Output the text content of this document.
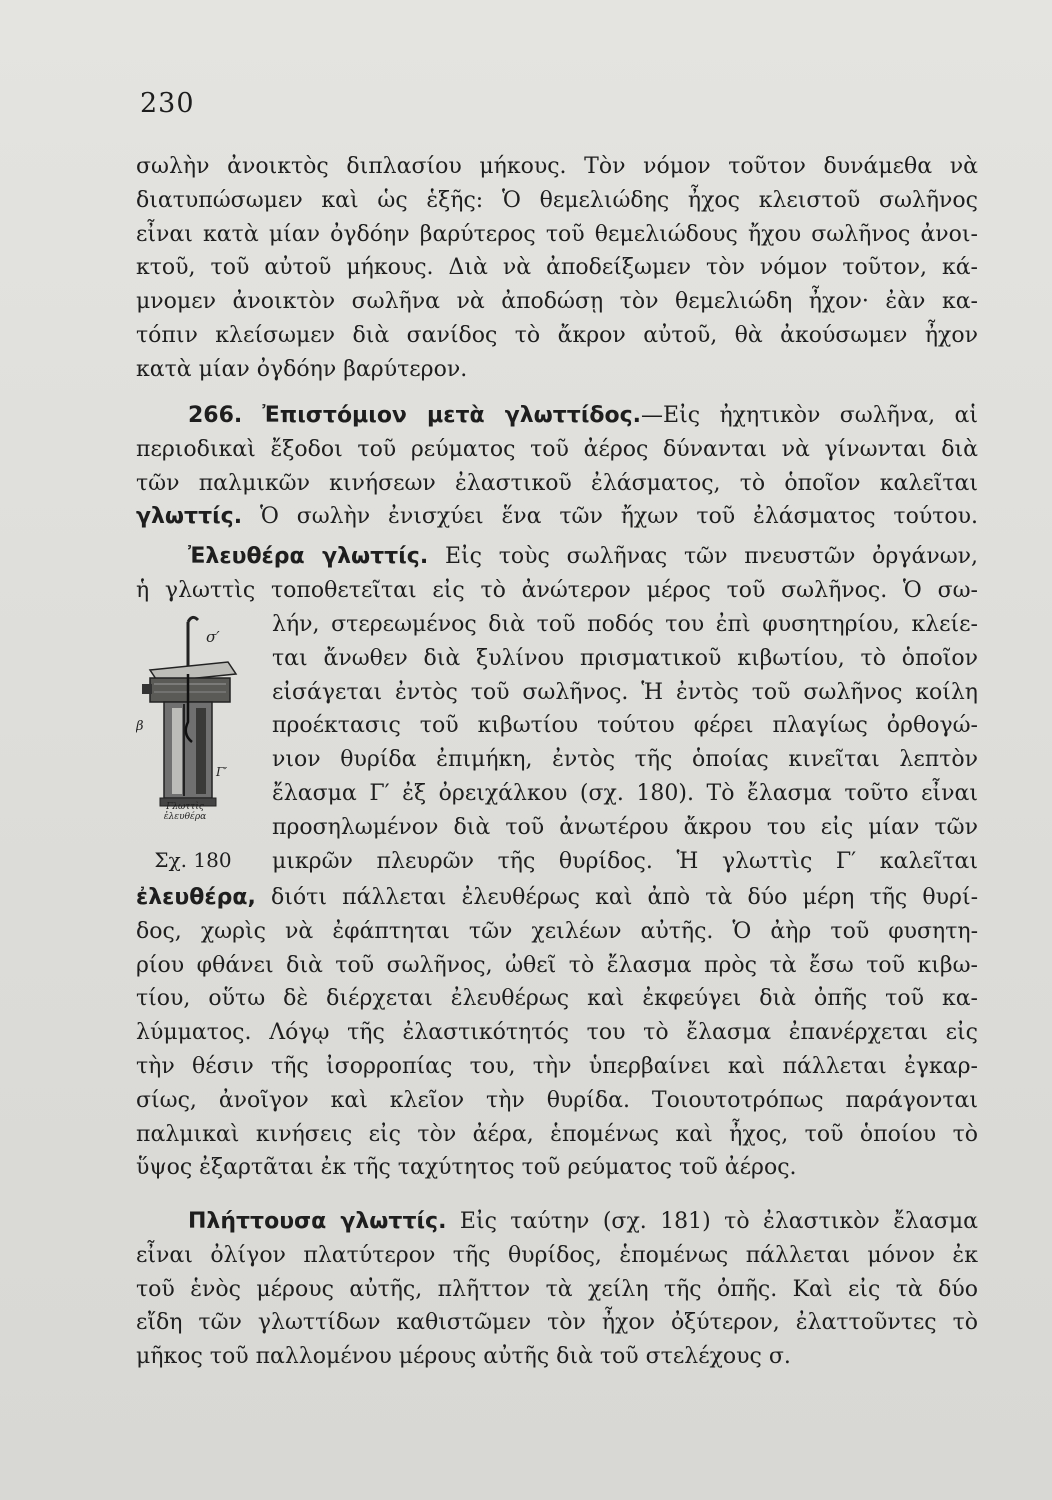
230
σωλὴν ἀνοικτὸς διπλασίου μήκους. Τὸν νόμον τοῦτον δυνάμεθα νὰ
διατυπώσωμεν καὶ ὡς ἑξῆς: Ὁ θεμελιώδης ἦχος κλειστοῦ σωλῆνος
εἶναι κατὰ μίαν ὀγδόην βαρύτερος τοῦ θεμελιώδους ἤχου σωλῆνος ἀνοι-
κτοῦ, τοῦ αὐτοῦ μήκους. Διὰ νὰ ἀποδείξωμεν τὸν νόμον τοῦτον, κά-
μνομεν ἀνοικτὸν σωλῆνα νὰ ἀποδώσῃ τὸν θεμελιώδη ἦχον· ἐὰν κα-
τόπιν κλείσωμεν διὰ σανίδος τὸ ἄκρον αὐτοῦ, θὰ ἀκούσωμεν ἦχον
κατὰ μίαν ὀγδόην βαρύτερον.
266. Ἐπιστόμιον μετὰ γλωττίδος.—Εἰς ἠχητικὸν σωλῆνα, αἱ
περιοδικαὶ ἔξοδοι τοῦ ρεύματος τοῦ ἀέρος δύνανται νὰ γίνωνται διὰ
τῶν παλμικῶν κινήσεων ἐλαστικοῦ ἐλάσματος, τὸ ὁποῖον καλεῖται
γλωττίς. Ὁ σωλὴν ἐνισχύει ἕνα τῶν ἤχων τοῦ ἐλάσματος τούτου.
Ἐλευθέρα γλωττίς. Εἰς τοὺς σωλῆνας τῶν πνευστῶν ὀργάνων,
ἡ γλωττὶς τοποθετεῖται εἰς τὸ ἀνώτερον μέρος τοῦ σωλῆνος. Ὁ σω-
σ′
β
Γ′
Γλωττὶς
ἐλευθέρα
Σχ. 180
λήν, στερεωμένος διὰ τοῦ ποδός του ἐπὶ φυσητηρίου, κλείε-
ται ἄνωθεν διὰ ξυλίνου πρισματικοῦ κιβωτίου, τὸ ὁποῖον
εἰσάγεται ἐντὸς τοῦ σωλῆνος. Ἡ ἐντὸς τοῦ σωλῆνος κοίλη
προέκτασις τοῦ κιβωτίου τούτου φέρει πλαγίως ὀρθογώ-
νιον θυρίδα ἐπιμήκη, ἐντὸς τῆς ὁποίας κινεῖται λεπτὸν
ἔλασμα Γ′ ἐξ ὀρειχάλκου (σχ. 180). Τὸ ἔλασμα τοῦτο εἶναι
προσηλωμένον διὰ τοῦ ἀνωτέρου ἄκρου του εἰς μίαν τῶν
μικρῶν πλευρῶν τῆς θυρίδος. Ἡ γλωττὶς Γ′ καλεῖται
ἐλευθέρα, διότι πάλλεται ἐλευθέρως καὶ ἀπὸ τὰ δύο μέρη τῆς θυρί-
δος, χωρὶς νὰ ἐφάπτηται τῶν χειλέων αὐτῆς. Ὁ ἀὴρ τοῦ φυσητη-
ρίου φθάνει διὰ τοῦ σωλῆνος, ὠθεῖ τὸ ἔλασμα πρὸς τὰ ἔσω τοῦ κιβω-
τίου, οὕτω δὲ διέρχεται ἐλευθέρως καὶ ἐκφεύγει διὰ ὀπῆς τοῦ κα-
λύμματος. Λόγῳ τῆς ἐλαστικότητός του τὸ ἔλασμα ἐπανέρχεται εἰς
τὴν θέσιν τῆς ἰσορροπίας του, τὴν ὑπερβαίνει καὶ πάλλεται ἐγκαρ-
σίως, ἀνοῖγον καὶ κλεῖον τὴν θυρίδα. Τοιουτοτρόπως παράγονται
παλμικαὶ κινήσεις εἰς τὸν ἀέρα, ἑπομένως καὶ ἦχος, τοῦ ὁποίου τὸ
ὕψος ἐξαρτᾶται ἐκ τῆς ταχύτητος τοῦ ρεύματος τοῦ ἀέρος.
Πλήττουσα γλωττίς. Εἰς ταύτην (σχ. 181) τὸ ἐλαστικὸν ἔλασμα
εἶναι ὀλίγον πλατύτερον τῆς θυρίδος, ἑπομένως πάλλεται μόνον ἐκ
τοῦ ἑνὸς μέρους αὐτῆς, πλῆττον τὰ χείλη τῆς ὀπῆς. Καὶ εἰς τὰ δύο
εἴδη τῶν γλωττίδων καθιστῶμεν τὸν ἦχον ὀξύτερον, ἐλαττοῦντες τὸ
μῆκος τοῦ παλλομένου μέρους αὐτῆς διὰ τοῦ στελέχους σ.
